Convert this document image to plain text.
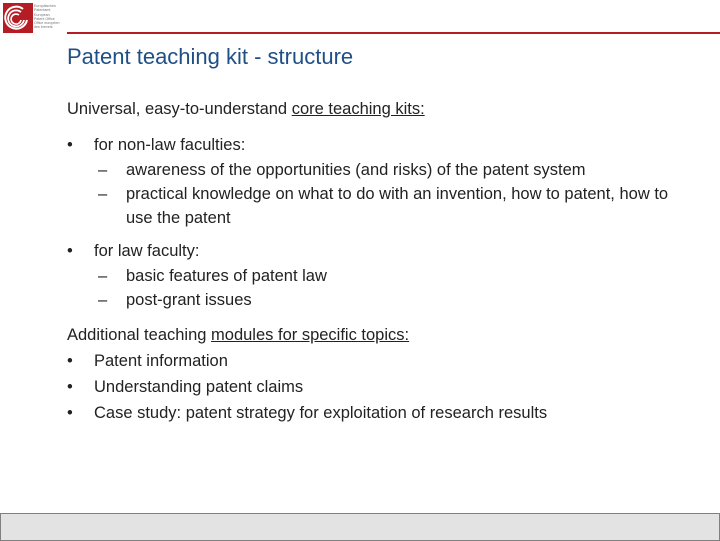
Europäisches
Patentamt
European
Patent Office
Office européen
des brevets
Patent teaching kit - structure

Universal, easy-to-understand core teaching kits:

• for non-law faculties:
– awareness of the opportunities (and risks) of the patent system
– practical knowledge on what to do with an invention, how to patent, how to use the patent
• for law faculty:
– basic features of patent law
– post-grant issues

Additional teaching modules for specific topics:

• Patent information
• Understanding patent claims
• Case study: patent strategy for exploitation of research results
